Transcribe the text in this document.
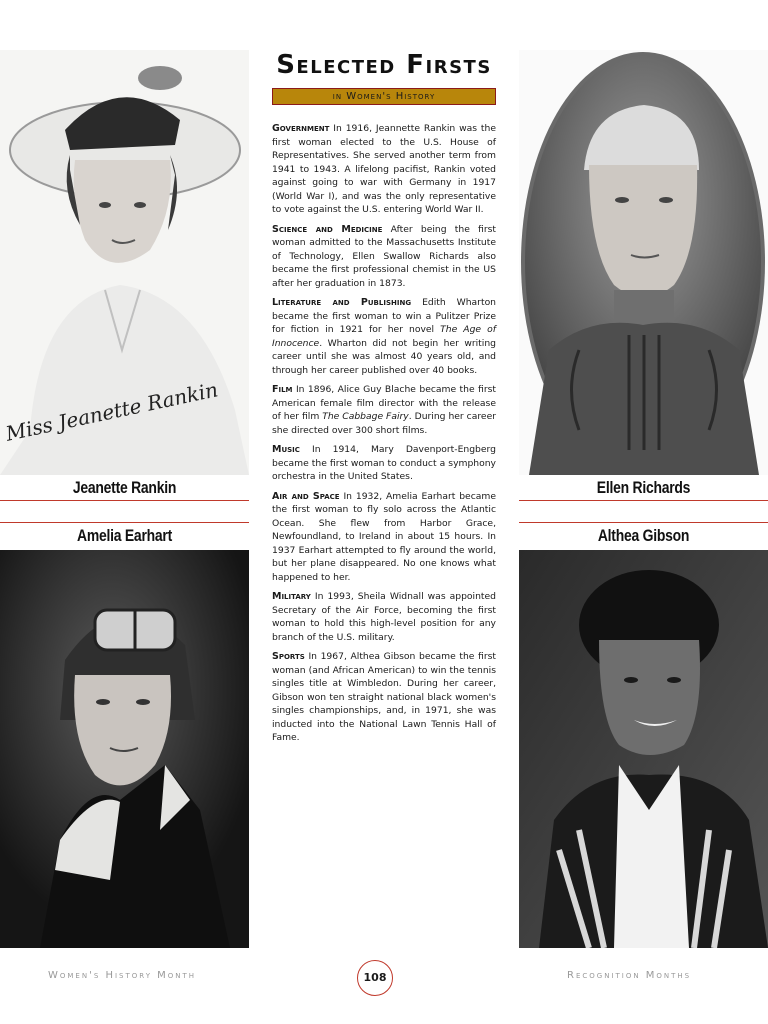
Miss Jeanette Rankin
Jeanette Rankin
Amelia Earhart
Ellen Richards
Althea Gibson
Selected Firsts
in Women's History

Government In 1916, Jeannette Rankin was the first woman elected to the U.S. House of Representatives. She served another term from 1941 to 1943. A lifelong pacifist, Rankin voted against going to war with Germany in 1917 (World War I), and was the only representative to vote against the U.S. entering World War II.

Science and Medicine After being the first woman admitted to the Massachusetts Institute of Technology, Ellen Swallow Richards also became the first professional chemist in the US after her graduation in 1873.

Literature and Publishing Edith Wharton became the first woman to win a Pulitzer Prize for fiction in 1921 for her novel The Age of Innocence. Wharton did not begin her writing career until she was almost 40 years old, and through her career published over 40 books.

Film In 1896, Alice Guy Blache became the first American female film director with the release of her film The Cabbage Fairy. During her career she directed over 300 short films.

Music In 1914, Mary Davenport-Engberg became the first woman to conduct a symphony orchestra in the United States.

Air and Space In 1932, Amelia Earhart became the first woman to fly solo across the Atlantic Ocean. She flew from Harbor Grace, Newfoundland, to Ireland in about 15 hours. In 1937 Earhart attempted to fly around the world, but her plane disappeared. No one knows what happened to her.

Military In 1993, Sheila Widnall was appointed Secretary of the Air Force, becoming the first woman to hold this high-level position for any branch of the U.S. military.

Sports In 1967, Althea Gibson became the first woman (and African American) to win the tennis singles title at Wimbledon. During her career, Gibson won ten straight national black women's singles championships, and, in 1971, she was inducted into the National Lawn Tennis Hall of Fame.

Women's History Month	108	Recognition Months
